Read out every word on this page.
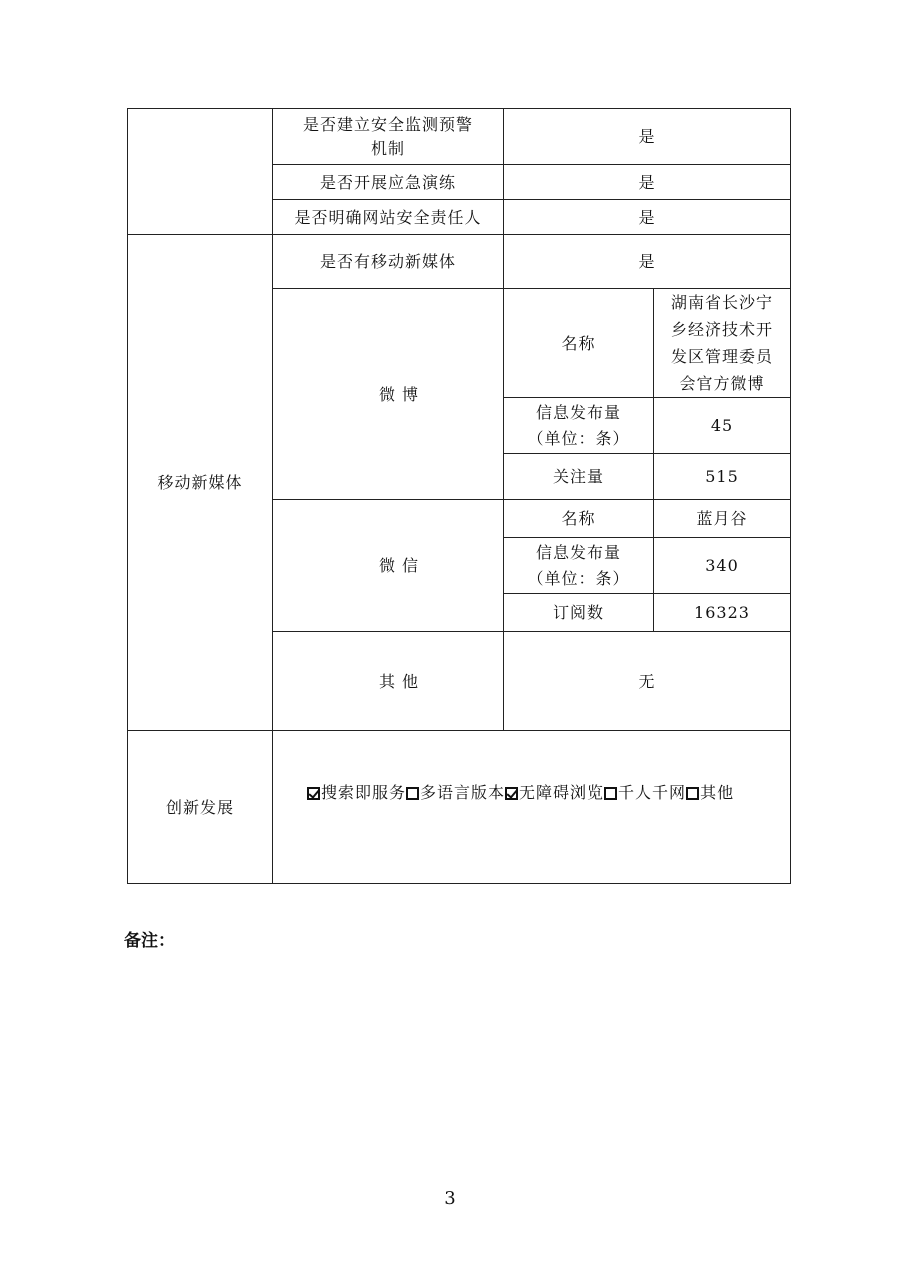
	是否建立安全监测预警
机制	是	
	是否开展应急演练	是	
	是否明确网站安全责任人	是	
移动新媒体	是否有移动新媒体	是	
	微 博	名称	湖南省长沙宁
乡经济技术开
发区管理委员
会官方微博
		信息发布量
（单位：条）	45
		关注量	515
	微 信	名称	蓝月谷
		信息发布量
（单位：条）	340
		订阅数	16323
	其 他	无	
创新发展	搜索即服务 多语言版本 无障碍浏览 千人千网 其他		
备注：
3
